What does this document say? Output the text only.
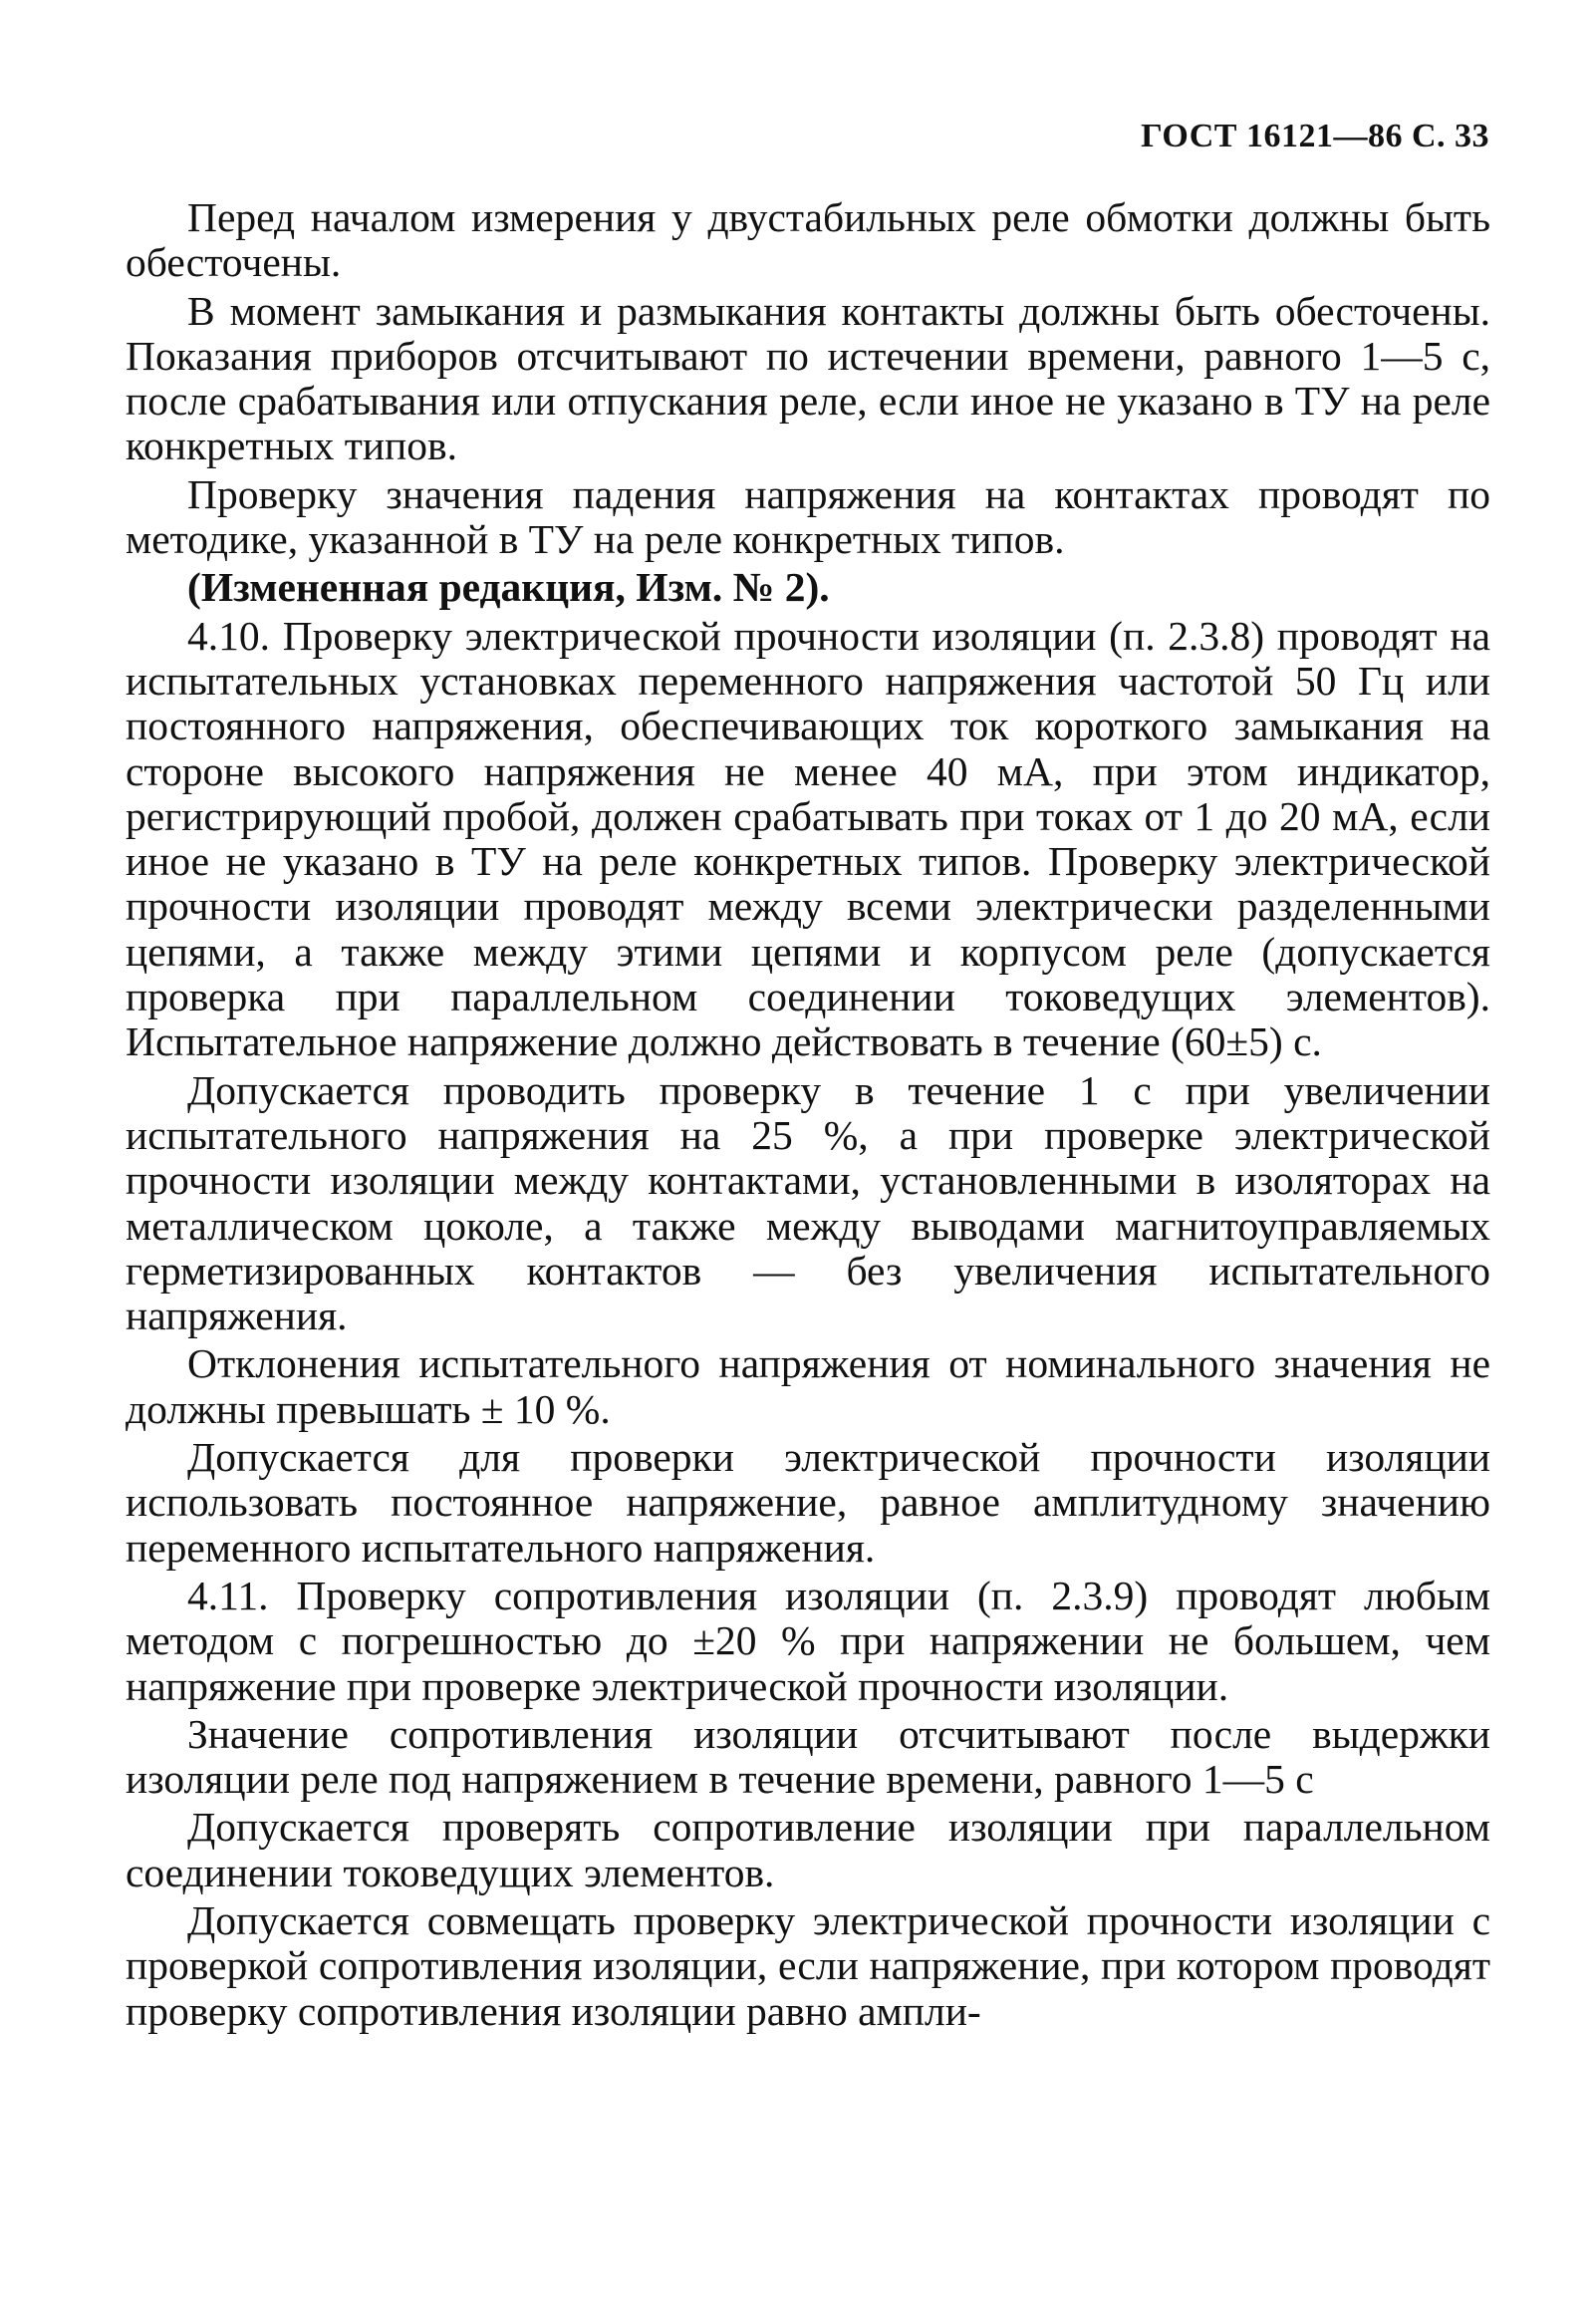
ГОСТ 16121—86 С. 33

Перед началом измерения у двустабильных реле обмотки должны быть обесточены.

В момент замыкания и размыкания контакты должны быть обесточены. Показания приборов отсчитывают по истечении времени, равного 1—5 с, после срабатывания или отпускания реле, если иное не указано в ТУ на реле конкретных типов.

Проверку значения падения напряжения на контактах проводят по методике, указанной в ТУ на реле конкретных типов.

(Измененная редакция, Изм. № 2).

4.10. Проверку электрической прочности изоляции (п. 2.3.8) проводят на испытательных установках переменного напряжения частотой 50 Гц или постоянного напряжения, обеспечивающих ток короткого замыкания на стороне высокого напряжения не менее 40 мА, при этом индикатор, регистрирующий пробой, должен срабатывать при токах от 1 до 20 мА, если иное не указано в ТУ на реле конкретных типов. Проверку электрической прочности изоляции проводят между всеми электрически разделенными цепями, а также между этими цепями и корпусом реле (допускается проверка при параллельном соединении токоведущих элементов). Испытательное напряжение должно действовать в течение (60±5) с.

Допускается проводить проверку в течение 1 с при увеличении испытательного напряжения на 25 %, а при проверке электрической прочности изоляции между контактами, установленными в изоляторах на металлическом цоколе, а также между выводами магнитоуправляемых герметизированных контактов — без увеличения испытательного напряжения.

Отклонения испытательного напряжения от номинального значения не должны превышать ± 10 %.

Допускается для проверки электрической прочности изоляции использовать постоянное напряжение, равное амплитудному значению переменного испытательного напряжения.

4.11. Проверку сопротивления изоляции (п. 2.3.9) проводят любым методом с погрешностью до ±20 % при напряжении не большем, чем напряжение при проверке электрической прочности изоляции.

Значение сопротивления изоляции отсчитывают после выдержки изоляции реле под напряжением в течение времени, равного 1—5 с

Допускается проверять сопротивление изоляции при параллельном соединении токоведущих элементов.

Допускается совмещать проверку электрической прочности изоляции с проверкой сопротивления изоляции, если напряжение, при котором проводят проверку сопротивления изоляции равно ампли-
